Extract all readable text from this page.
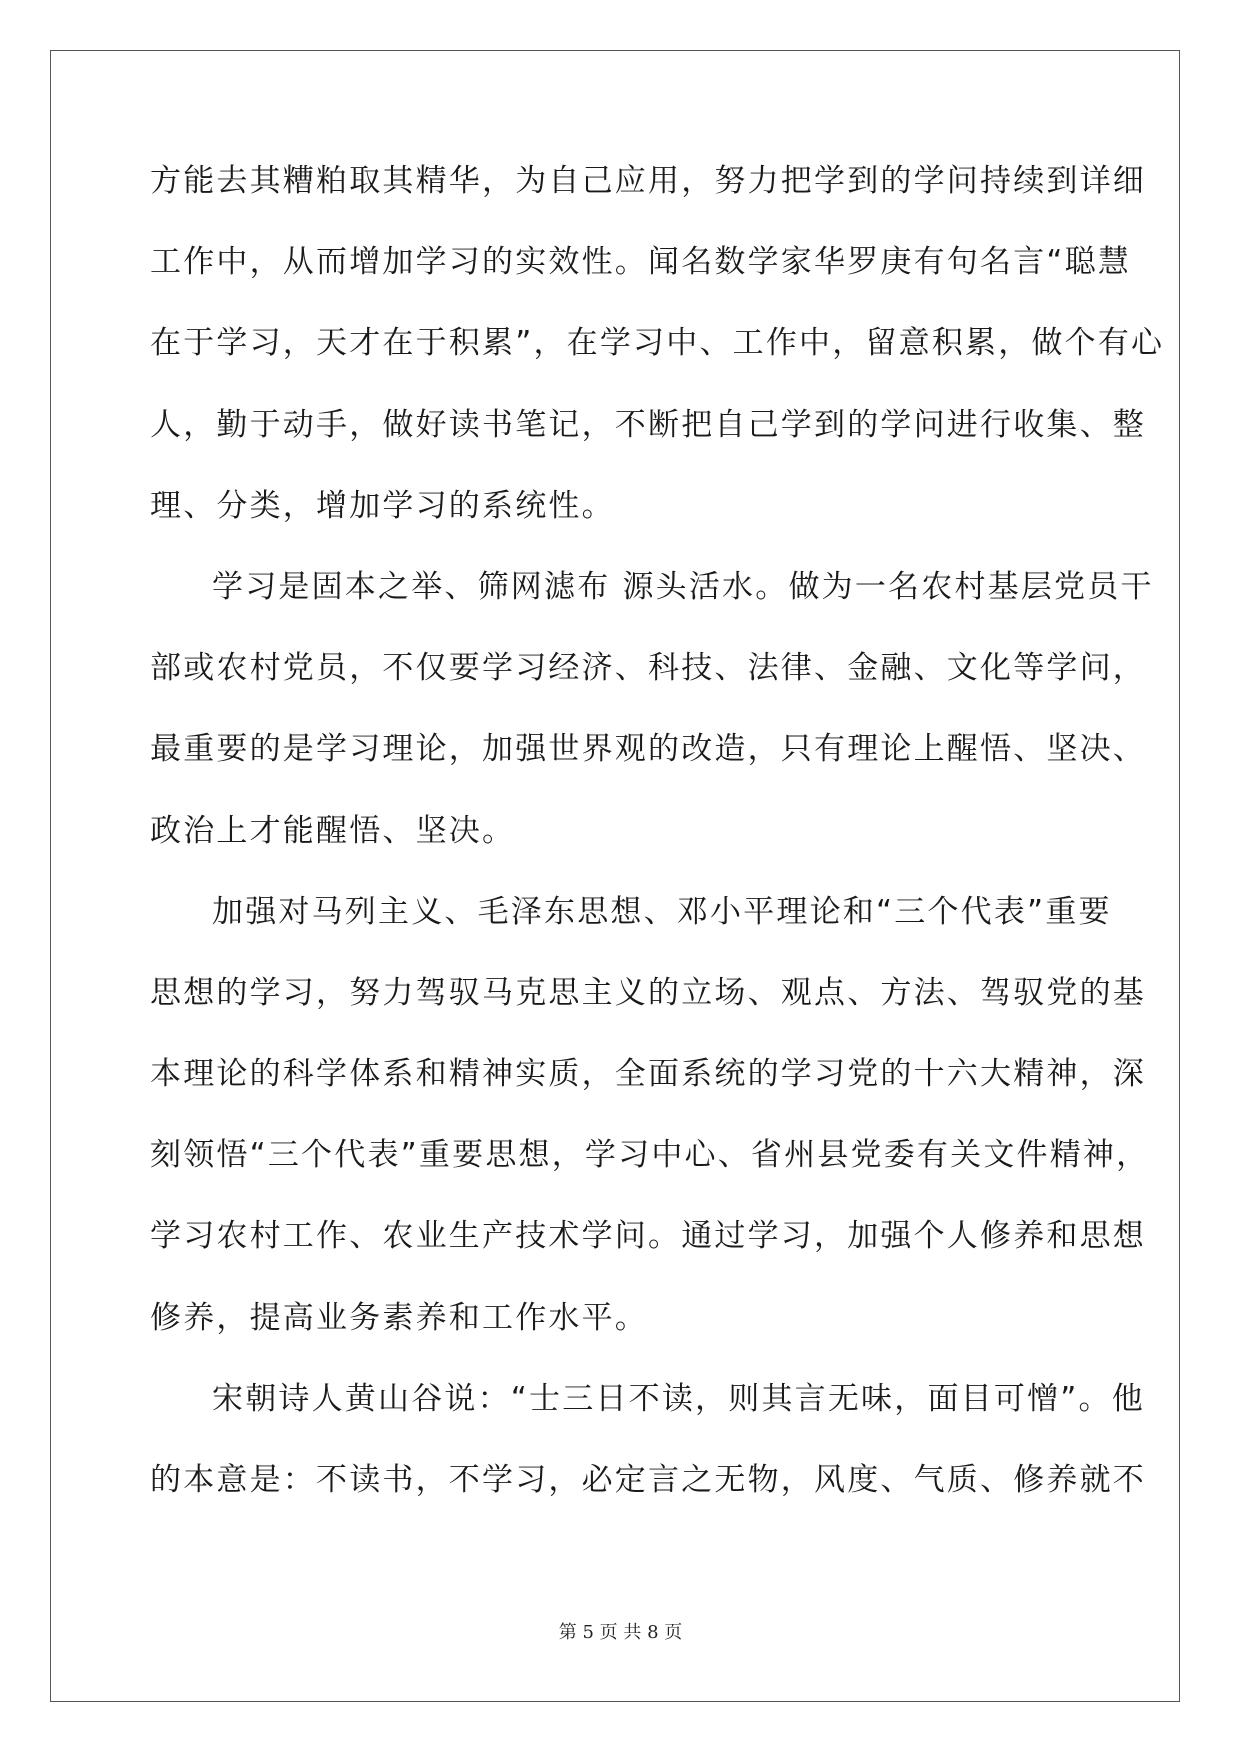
方能去其糟粕取其精华，为自己应用，努力把学到的学问持续到详细
工作中，从而增加学习的实效性。闻名数学家华罗庚有句名言“聪慧
在于学习，天才在于积累”，在学习中、工作中，留意积累，做个有心
人，勤于动手，做好读书笔记，不断把自己学到的学问进行收集、整
理、分类，增加学习的系统性。
学习是固本之举、筛网滤布 源头活水。做为一名农村基层党员干
部或农村党员，不仅要学习经济、科技、法律、金融、文化等学问，
最重要的是学习理论，加强世界观的改造，只有理论上醒悟、坚决、
政治上才能醒悟、坚决。
加强对马列主义、毛泽东思想、邓小平理论和“三个代表”重要
思想的学习，努力驾驭马克思主义的立场、观点、方法、驾驭党的基
本理论的科学体系和精神实质，全面系统的学习党的十六大精神，深
刻领悟“三个代表”重要思想，学习中心、省州县党委有关文件精神，
学习农村工作、农业生产技术学问。通过学习，加强个人修养和思想
修养，提高业务素养和工作水平。
宋朝诗人黄山谷说：“士三日不读，则其言无味，面目可憎”。他
的本意是：不读书，不学习，必定言之无物，风度、气质、修养就不
第 5 页 共 8 页
